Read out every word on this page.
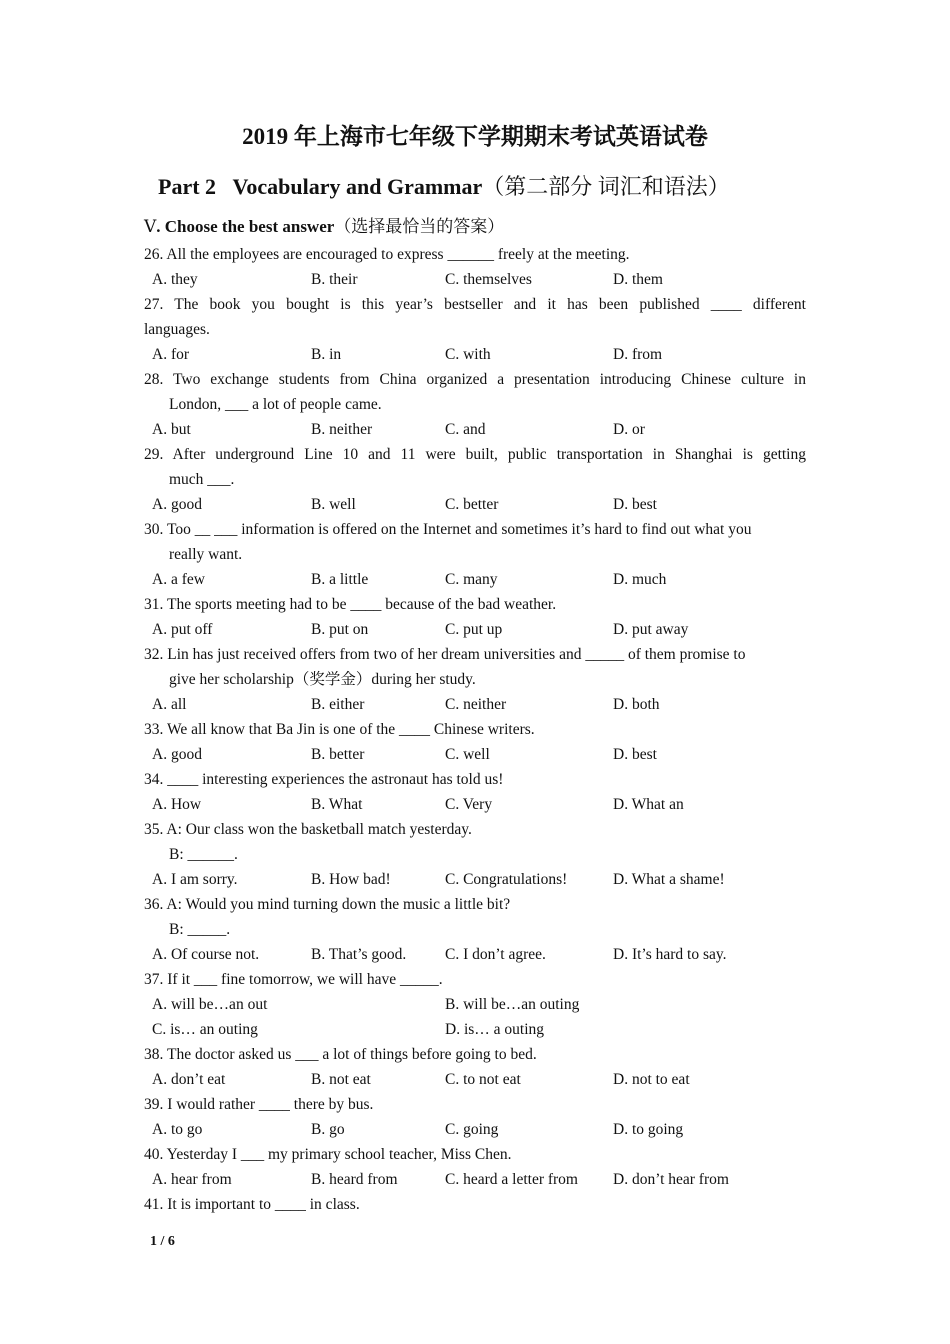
2019 年上海市七年级下学期期末考试英语试卷
Part 2   Vocabulary and Grammar（第二部分 词汇和语法）
Ⅴ. Choose the best answer（选择最恰当的答案）
26. All the employees are encouraged to express ______ freely at the meeting.
A. they	B. their	C. themselves	D. them
27. The book you bought is this year’s bestseller and it has been published ____ different
languages.
A. for	B. in	C. with	D. from
28. Two exchange students from China organized a presentation introducing Chinese culture in
London, ___ a lot of people came.
A. but	B. neither	C. and	D. or
29. After underground Line 10 and 11 were built, public transportation in Shanghai is getting
much ___.
A. good	B. well	C. better	D. best
30. Too __ ___ information is offered on the Internet and sometimes it’s hard to find out what you
really want.
A. a few	B. a little	C. many	D. much
31. The sports meeting had to be ____ because of the bad weather.
A. put off	B. put on	C. put up	D. put away
32. Lin has just received offers from two of her dream universities and _____ of them promise to
give her scholarship（奖学金）during her study.
A. all	B. either	C. neither	D. both
33. We all know that Ba Jin is one of the ____ Chinese writers.
A. good	B. better	C. well	D. best
34. ____ interesting experiences the astronaut has told us!
A. How	B. What	C. Very	D. What an
35. A: Our class won the basketball match yesterday.
B: ______.
A. I am sorry.	B. How bad!	C. Congratulations!	D. What a shame!
36. A: Would you mind turning down the music a little bit?
B: _____.
A. Of course not.	B. That’s good. C. I don’t agree.	D. It’s hard to say.
37. If it ___ fine tomorrow, we will have _____.
A. will be…an out	B. will be…an outing
C. is… an outing	D. is… a outing
38. The doctor asked us ___ a lot of things before going to bed.
A. don’t eat	B. not eat	C. to not eat	D. not to eat
39. I would rather ____ there by bus.
A. to go	B. go	C. going	D. to going
40. Yesterday I ___ my primary school teacher, Miss Chen.
A. hear from	B. heard from	C. heard a letter from D. don’t hear from
41. It is important to ____ in class.
1 / 6
